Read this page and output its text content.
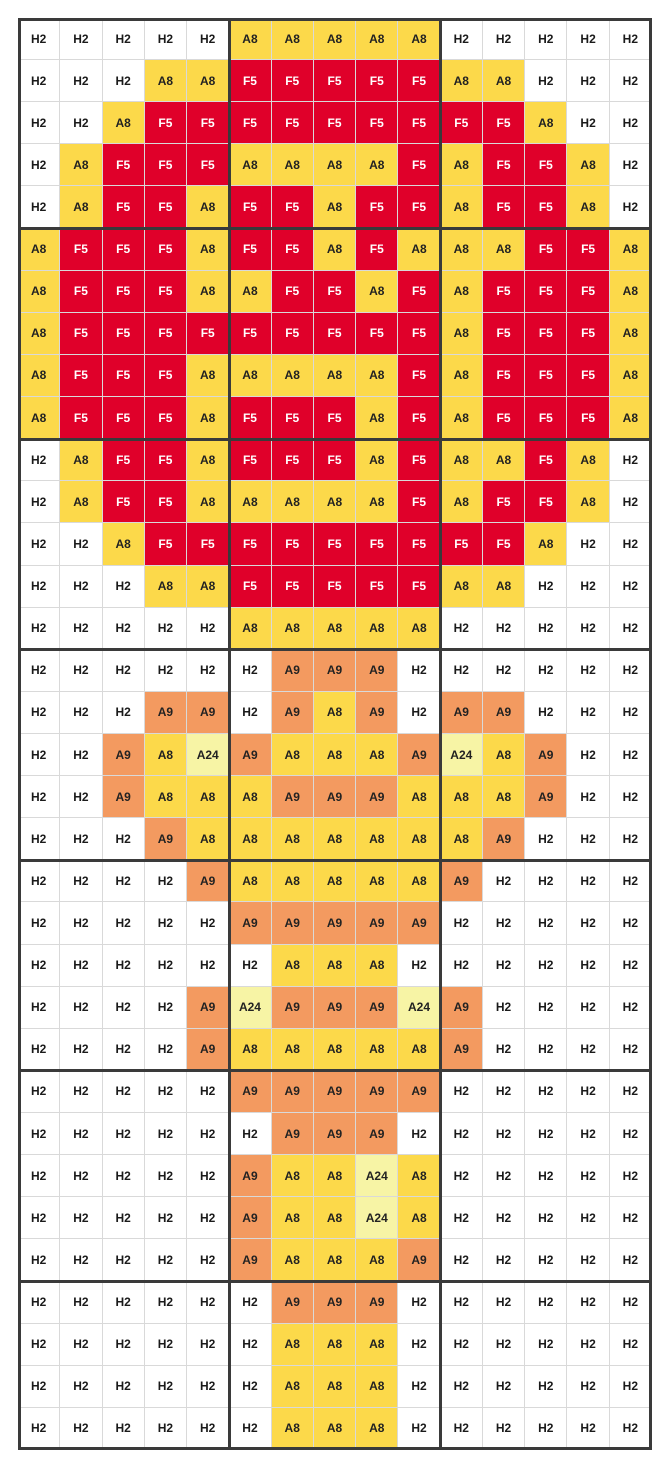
H2	H2	H2	H2	H2	A8	A8	A8	A8	A8	H2	H2	H2	H2	H2
H2	H2	H2	A8	A8	F5	F5	F5	F5	F5	A8	A8	H2	H2	H2
H2	H2	A8	F5	F5	F5	F5	F5	F5	F5	F5	F5	A8	H2	H2
H2	A8	F5	F5	F5	A8	A8	A8	A8	F5	A8	F5	F5	A8	H2
H2	A8	F5	F5	A8	F5	F5	A8	F5	F5	A8	F5	F5	A8	H2
A8	F5	F5	F5	A8	F5	F5	A8	F5	A8	A8	A8	F5	F5	A8
A8	F5	F5	F5	A8	A8	F5	F5	A8	F5	A8	F5	F5	F5	A8
A8	F5	F5	F5	F5	F5	F5	F5	F5	F5	A8	F5	F5	F5	A8
A8	F5	F5	F5	A8	A8	A8	A8	A8	F5	A8	F5	F5	F5	A8
A8	F5	F5	F5	A8	F5	F5	F5	A8	F5	A8	F5	F5	F5	A8
H2	A8	F5	F5	A8	F5	F5	F5	A8	F5	A8	A8	F5	A8	H2
H2	A8	F5	F5	A8	A8	A8	A8	A8	F5	A8	F5	F5	A8	H2
H2	H2	A8	F5	F5	F5	F5	F5	F5	F5	F5	F5	A8	H2	H2
H2	H2	H2	A8	A8	F5	F5	F5	F5	F5	A8	A8	H2	H2	H2
H2	H2	H2	H2	H2	A8	A8	A8	A8	A8	H2	H2	H2	H2	H2
H2	H2	H2	H2	H2	H2	A9	A9	A9	H2	H2	H2	H2	H2	H2
H2	H2	H2	A9	A9	H2	A9	A8	A9	H2	A9	A9	H2	H2	H2
H2	H2	A9	A8	A24	A9	A8	A8	A8	A9	A24	A8	A9	H2	H2
H2	H2	A9	A8	A8	A8	A9	A9	A9	A8	A8	A8	A9	H2	H2
H2	H2	H2	A9	A8	A8	A8	A8	A8	A8	A8	A9	H2	H2	H2
H2	H2	H2	H2	A9	A8	A8	A8	A8	A8	A9	H2	H2	H2	H2
H2	H2	H2	H2	H2	A9	A9	A9	A9	A9	H2	H2	H2	H2	H2
H2	H2	H2	H2	H2	H2	A8	A8	A8	H2	H2	H2	H2	H2	H2
H2	H2	H2	H2	A9	A24	A9	A9	A9	A24	A9	H2	H2	H2	H2
H2	H2	H2	H2	A9	A8	A8	A8	A8	A8	A9	H2	H2	H2	H2
H2	H2	H2	H2	H2	A9	A9	A9	A9	A9	H2	H2	H2	H2	H2
H2	H2	H2	H2	H2	H2	A9	A9	A9	H2	H2	H2	H2	H2	H2
H2	H2	H2	H2	H2	A9	A8	A8	A24	A8	H2	H2	H2	H2	H2
H2	H2	H2	H2	H2	A9	A8	A8	A24	A8	H2	H2	H2	H2	H2
H2	H2	H2	H2	H2	A9	A8	A8	A8	A9	H2	H2	H2	H2	H2
H2	H2	H2	H2	H2	H2	A9	A9	A9	H2	H2	H2	H2	H2	H2
H2	H2	H2	H2	H2	H2	A8	A8	A8	H2	H2	H2	H2	H2	H2
H2	H2	H2	H2	H2	H2	A8	A8	A8	H2	H2	H2	H2	H2	H2
H2	H2	H2	H2	H2	H2	A8	A8	A8	H2	H2	H2	H2	H2	H2
